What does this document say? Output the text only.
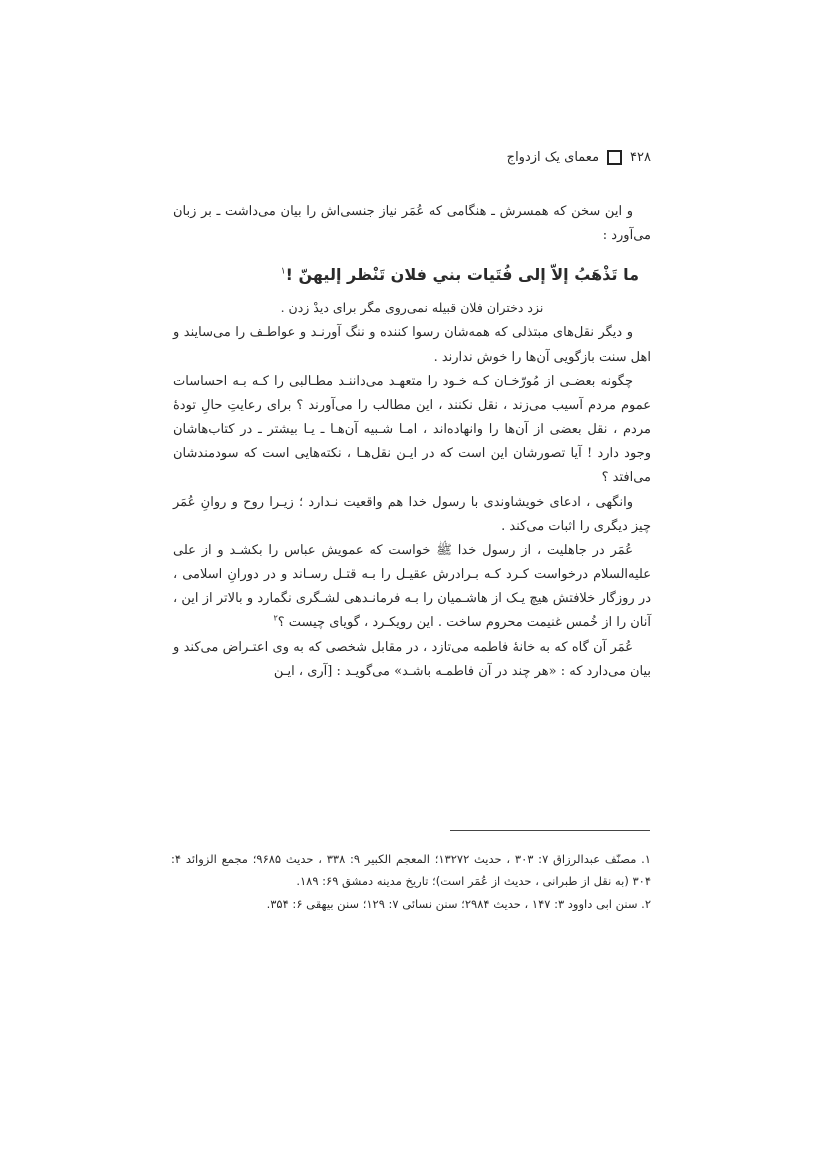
۴۲۸
معمای یک ازدواج

و این سخن که همسرش ـ هنگامی که عُمَر نیاز جنسی‌اش را بیان می‌داشت ـ بر زبان می‌آورد :

ما تَذْهَبُ إلاّ إلى فُتَيات بني فلان تَنْظر إليهنّ !$^۱$

نزد دختران فلان قبیله نمی‌روی مگر برای دیدْ زدن .

و دیگر نقل‌های مبتذلی که همه‌شان رسوا کننده و ننگ آورنـد و عواطـف را می‌سایند و اهل سنت بازگویی آن‌ها را خوش ندارند .

چگونه بعضـی از مُورّخـان کـه خـود را متعهـد می‌داننـد مطـالبی را کـه بـه احساسات عموم مردم آسیب می‌زند ، نقل نکنند ، این مطالب را می‌آورند ؟ برای رعایتِ حالِ تودهٔ مردم ، نقل بعضی از آن‌ها را وانهاده‌اند ، امـا شـبیه آن‌هـا ـ یـا بیشتر ـ در کتاب‌هاشان وجود دارد ! آیا تصورشان این است که در ایـن نقل‌هـا ، نکته‌هایی است که سودمندشان می‌افتد ؟

وانگهی ، ادعای خویشاوندی با رسول خدا هم واقعیت نـدارد ؛ زیـرا روح و روانِ عُمَر چیز دیگری را اثبات می‌کند .

عُمَر در جاهلیت ، از رسول خدا ﷺ خواست که عمویش عباس را بکشـد و از علی علیه‌السلام درخواست کـرد کـه بـرادرش عقیـل را بـه قتـل رسـاند و در دورانِ اسلامی ، در روزگار خلافتش هیچ یـک از هاشـمیان را بـه فرمانـدهی لشـگری نگمارد و بالاتر از این ، آنان را از خُمس غنیمت محروم ساخت . این رویکـرد ، گویای چیست ؟$^۲$

عُمَر آن گاه که به خانهٔ فاطمه می‌تازد ، در مقابل شخصی که به وی اعتـراض می‌کند و بیان می‌دارد که : «هر چند در آن فاطمـه باشـد» می‌گویـد : [آری ، ایـن

۱. مصنّف عبدالرزاق ۷: ۳۰۳ ، حدیث ۱۳۲۷۲؛ المعجم الکبیر ۹: ۳۳۸ ، حدیث ۹۶۸۵؛ مجمع الزوائد ۴: ۳۰۴ (به نقل از طبرانی ، حدیث از عُمَر است)؛ تاریخ مدینه دمشق ۶۹: ۱۸۹.

۲. سنن ابی داوود ۳: ۱۴۷ ، حدیث ۲۹۸۴؛ سنن نسائی ۷: ۱۲۹؛ سنن بیهقی ۶: ۳۵۴.
